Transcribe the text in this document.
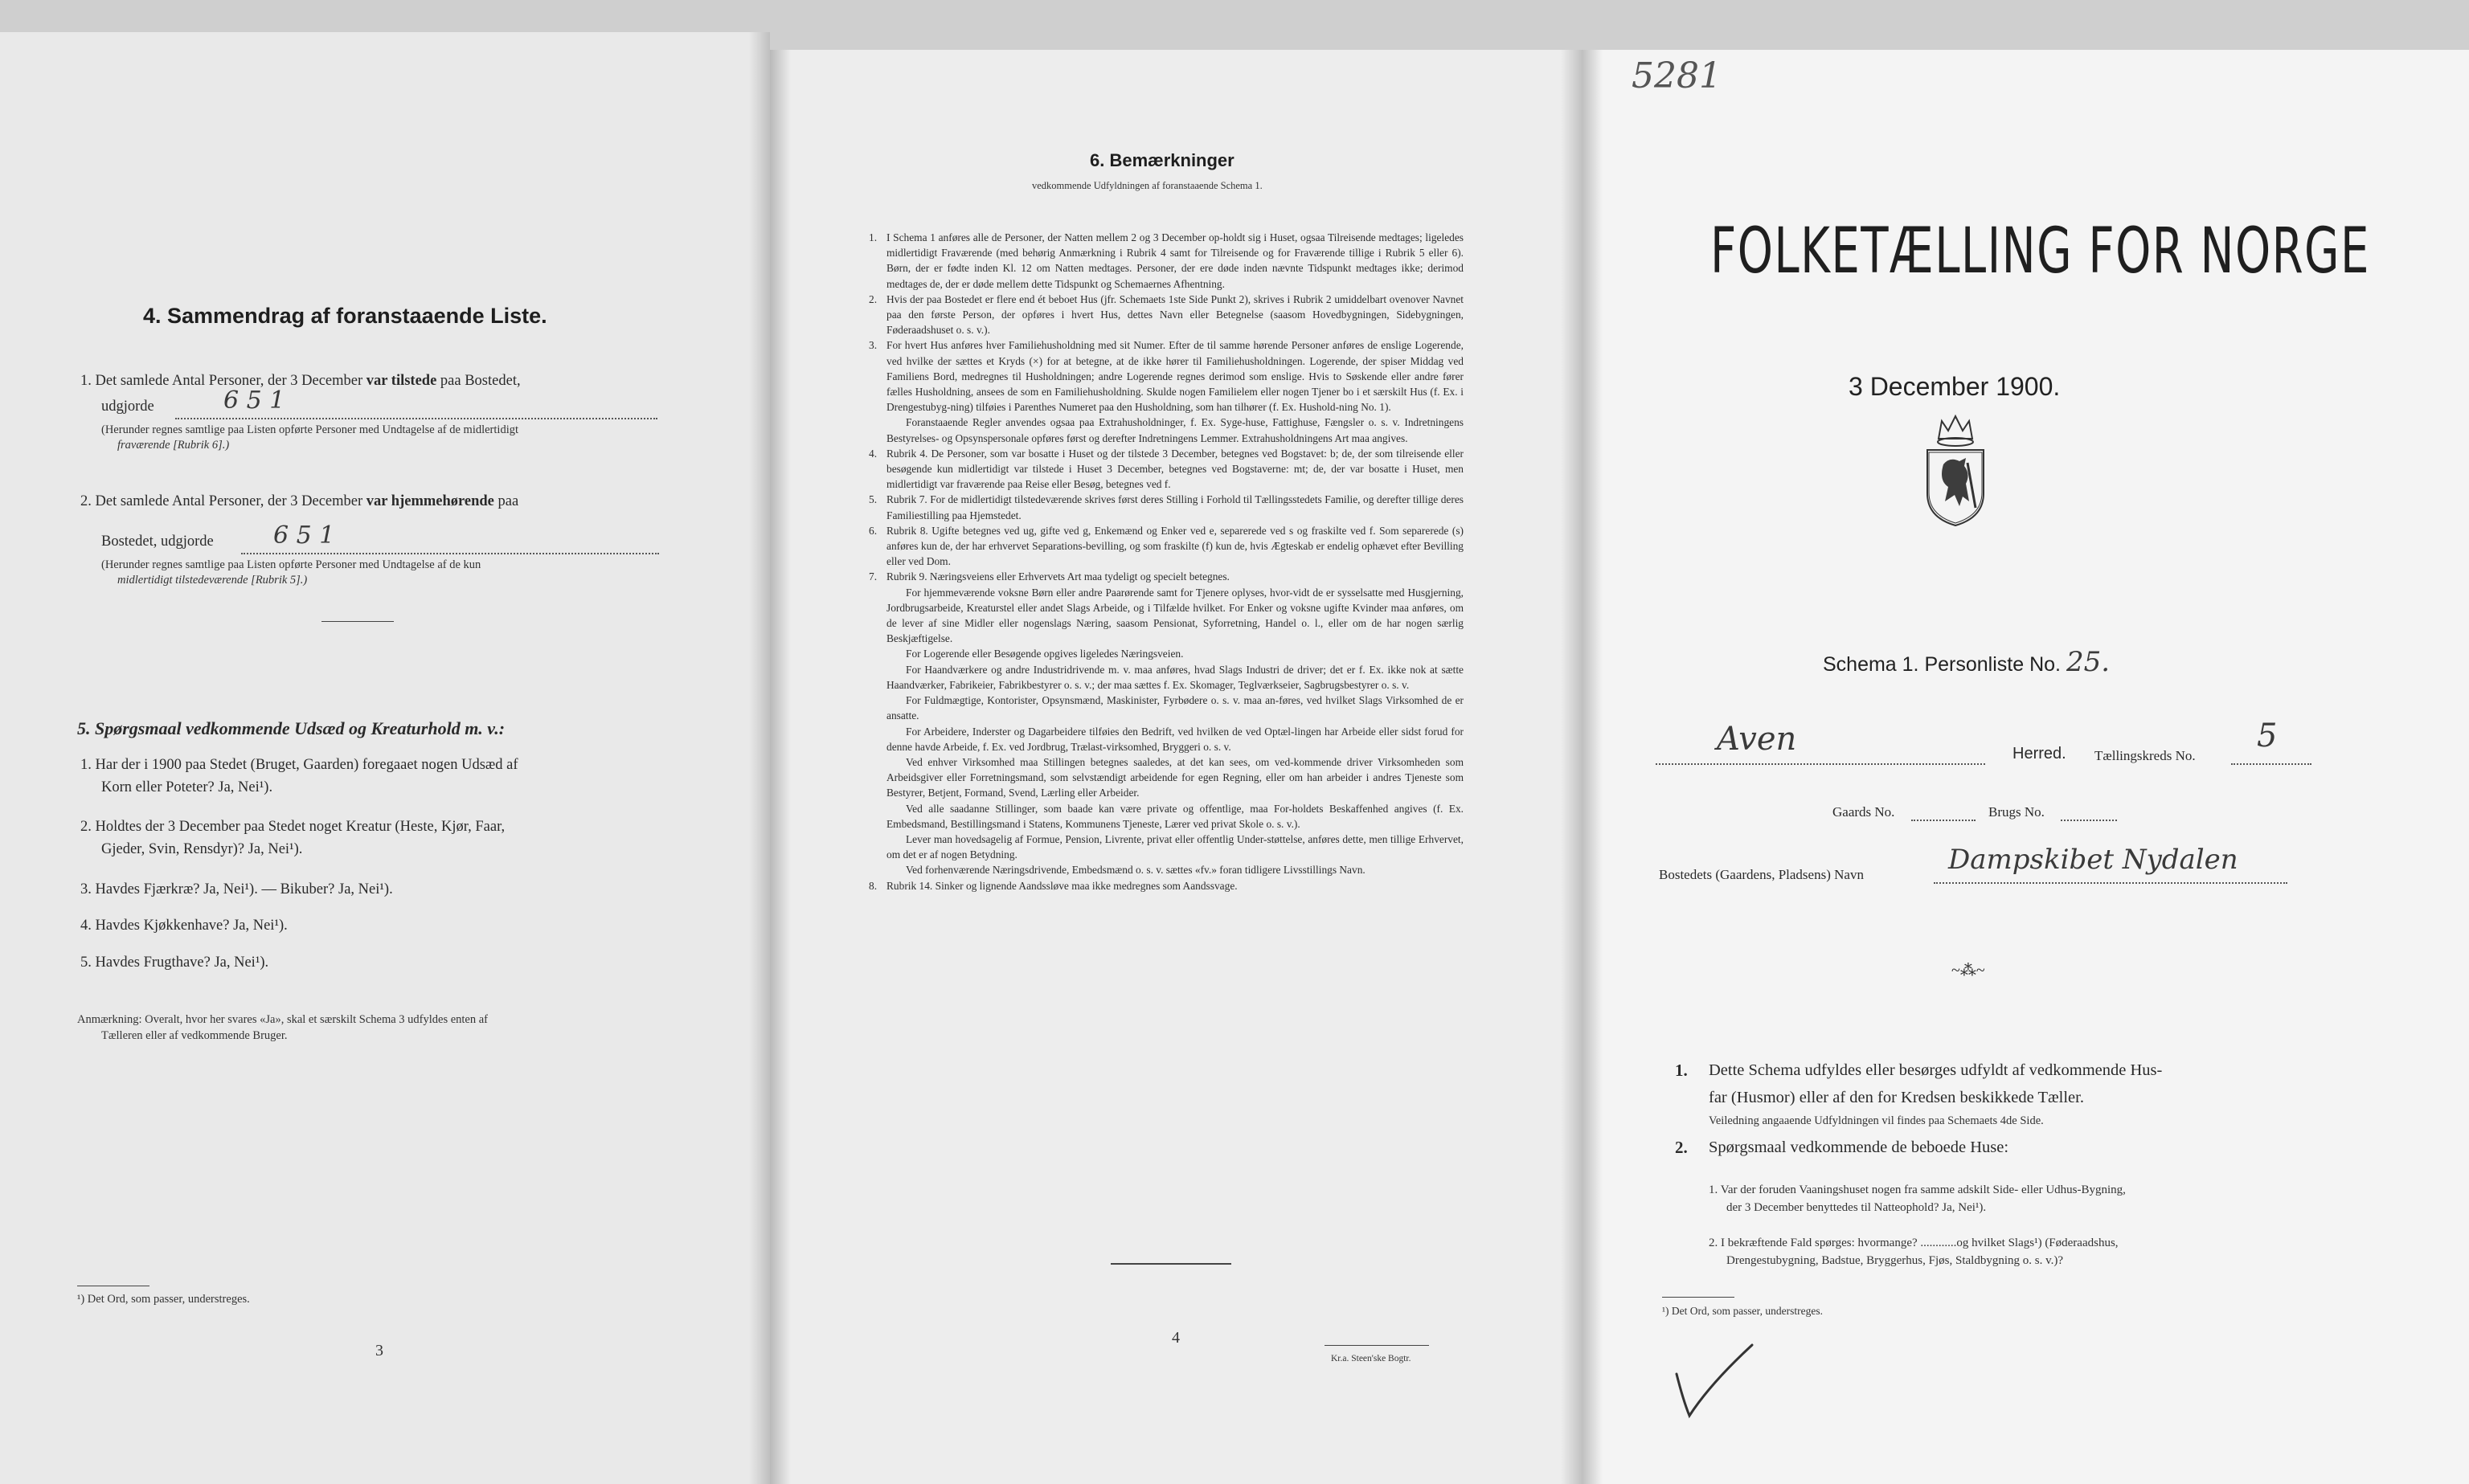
4. Sammendrag af foranstaaende Liste.
1. Det samlede Antal Personer, der 3 December var tilstede paa Bostedet,
udgjorde	6 5 1
(Herunder regnes samtlige paa Listen opførte Personer med Undtagelse af de midlertidigt
fraværende [Rubrik 6].)
2. Det samlede Antal Personer, der 3 December var hjemmehørende paa
Bostedet, udgjorde 6 5 1
(Herunder regnes samtlige paa Listen opførte Personer med Undtagelse af de kun
midlertidigt tilstedeværende [Rubrik 5].)
5. Spørgsmaal vedkommende Udsæd og Kreaturhold m. v.:
1. Har der i 1900 paa Stedet (Bruget, Gaarden) foregaaet nogen Udsæd af
Korn eller Poteter? Ja, Nei¹).
2. Holdtes der 3 December paa Stedet noget Kreatur (Heste, Kjør, Faar,
Gjeder, Svin, Rensdyr)? Ja, Nei¹).
3. Havdes Fjærkræ? Ja, Nei¹). — Bikuber? Ja, Nei¹).
4. Havdes Kjøkkenhave? Ja, Nei¹).
5. Havdes Frugthave? Ja, Nei¹).
Anmærkning: Overalt, hvor her svares «Ja», skal et særskilt Schema 3 udfyldes enten af
Tælleren eller af vedkommende Bruger.
¹) Det Ord, som passer, understreges.
3
6. Bemærkninger
vedkommende Udfyldningen af foranstaaende Schema 1.
1. I Schema 1 anføres alle de Personer, der Natten mellem 2 og 3 December op-holdt sig i Huset, ogsaa Tilreisende medtages; ligeledes midlertidigt Fraværende (med behørig Anmærkning i Rubrik 4 samt for Tilreisende og for Fraværende tillige i Rubrik 5 eller 6). Børn, der er fødte inden Kl. 12 om Natten medtages. Personer, der ere døde inden nævnte Tidspunkt medtages ikke; derimod medtages de, der er døde mellem dette Tidspunkt og Schemaernes Afhentning.
2. Hvis der paa Bostedet er flere end ét beboet Hus (jfr. Schemaets 1ste Side Punkt 2), skrives i Rubrik 2 umiddelbart ovenover Navnet paa den første Person, der opføres i hvert Hus, dettes Navn eller Betegnelse (saasom Hovedbygningen, Sidebygningen, Føderaadshuset o. s. v.).
3. For hvert Hus anføres hver Familiehusholdning med sit Numer. Efter de til samme hørende Personer anføres de enslige Logerende, ved hvilke der sættes et Kryds (×) for at betegne, at de ikke hører til Familiehusholdningen. Logerende, der spiser Middag ved Familiens Bord, medregnes til Husholdningen; andre Logerende regnes derimod som enslige. Hvis to Søskende eller andre fører fælles Husholdning, ansees de som en Familiehusholdning. Skulde nogen Familielem eller nogen Tjener bo i et særskilt Hus (f. Ex. i Drengestubyg-ning) tilføies i Parenthes Numeret paa den Husholdning, som han tilhører (f. Ex. Hushold-ning No. 1).
Foranstaaende Regler anvendes ogsaa paa Extrahusholdninger, f. Ex. Syge-huse, Fattighuse, Fængsler o. s. v. Indretningens Bestyrelses- og Opsynspersonale opføres først og derefter Indretningens Lemmer. Extrahusholdningens Art maa angives.
4. Rubrik 4. De Personer, som var bosatte i Huset og der tilstede 3 December, betegnes ved Bogstavet: b; de, der som tilreisende eller besøgende kun midlertidigt var tilstede i Huset 3 December, betegnes ved Bogstaverne: mt; de, der var bosatte i Huset, men midlertidigt var fraværende paa Reise eller Besøg, betegnes ved f.
5. Rubrik 7. For de midlertidigt tilstedeværende skrives først deres Stilling i Forhold til Tællingsstedets Familie, og derefter tillige deres Familiestilling paa Hjemstedet.
6. Rubrik 8. Ugifte betegnes ved ug, gifte ved g, Enkemænd og Enker ved e, separerede ved s og fraskilte ved f. Som separerede (s) anføres kun de, der har erhvervet Separations-bevilling, og som fraskilte (f) kun de, hvis Ægteskab er endelig ophævet efter Bevilling eller ved Dom.
7. Rubrik 9. Næringsveiens eller Erhvervets Art maa tydeligt og specielt betegnes.
For hjemmeværende voksne Børn eller andre Paarørende samt for Tjenere oplyses, hvor-vidt de er sysselsatte med Husgjerning, Jordbrugsarbeide, Kreaturstel eller andet Slags Arbeide, og i Tilfælde hvilket. For Enker og voksne ugifte Kvinder maa anføres, om de lever af sine Midler eller nogenslags Næring, saasom Pensionat, Syforretning, Handel o. l., eller om de har nogen særlig Beskjæftigelse.
For Logerende eller Besøgende opgives ligeledes Næringsveien.
For Haandværkere og andre Industridrivende m. v. maa anføres, hvad Slags Industri de driver; det er f. Ex. ikke nok at sætte Haandværker, Fabrikeier, Fabrikbestyrer o. s. v.; der maa sættes f. Ex. Skomager, Teglværkseier, Sagbrugsbestyrer o. s. v.
For Fuldmægtige, Kontorister, Opsynsmænd, Maskinister, Fyrbødere o. s. v. maa an-føres, ved hvilket Slags Virksomhed de er ansatte.
For Arbeidere, Inderster og Dagarbeidere tilføies den Bedrift, ved hvilken de ved Optæl-lingen har Arbeide eller sidst forud for denne havde Arbeide, f. Ex. ved Jordbrug, Trælast-virksomhed, Bryggeri o. s. v.
Ved enhver Virksomhed maa Stillingen betegnes saaledes, at det kan sees, om ved-kommende driver Virksomheden som Arbeidsgiver eller Forretningsmand, som selvstændigt arbeidende for egen Regning, eller om han arbeider i andres Tjeneste som Bestyrer, Betjent, Formand, Svend, Lærling eller Arbeider.
Ved alle saadanne Stillinger, som baade kan være private og offentlige, maa For-holdets Beskaffenhed angives (f. Ex. Embedsmand, Bestillingsmand i Statens, Kommunens Tjeneste, Lærer ved privat Skole o. s. v.).
Lever man hovedsagelig af Formue, Pension, Livrente, privat eller offentlig Under-støttelse, anføres dette, men tillige Erhvervet, om det er af nogen Betydning.
Ved forhenværende Næringsdrivende, Embedsmænd o. s. v. sættes «fv.» foran tidligere Livsstillings Navn.
8. Rubrik 14. Sinker og lignende Aandssløve maa ikke medregnes som Aandssvage.
4
Kr.a. Steen'ske Bogtr.
5281
FOLKETÆLLING FOR NORGE
3 December 1900.
Schema 1. Personliste No. 25.
Aven	Herred. Tællingskreds No.
5
Gaards No.	Brugs No.
Bostedets (Gaardens, Pladsens) Navn	Dampskibet Nydalen
~⁂~
1. Dette Schema udfyldes eller besørges udfyldt af vedkommende Hus-
far (Husmor) eller af den for Kredsen beskikkede Tæller.
Veiledning angaaende Udfyldningen vil findes paa Schemaets 4de Side.
2. Spørgsmaal vedkommende de beboede Huse:
1. Var der foruden Vaaningshuset nogen fra samme adskilt Side- eller Udhus-Bygning,
der 3 December benyttedes til Natteophold? Ja, Nei¹).
2. I bekræftende Fald spørges: hvormange? ............og hvilket Slags¹) (Føderaadshus,
Drengestubygning, Badstue, Bryggerhus, Fjøs, Staldbygning o. s. v.)?
¹) Det Ord, som passer, understreges.
